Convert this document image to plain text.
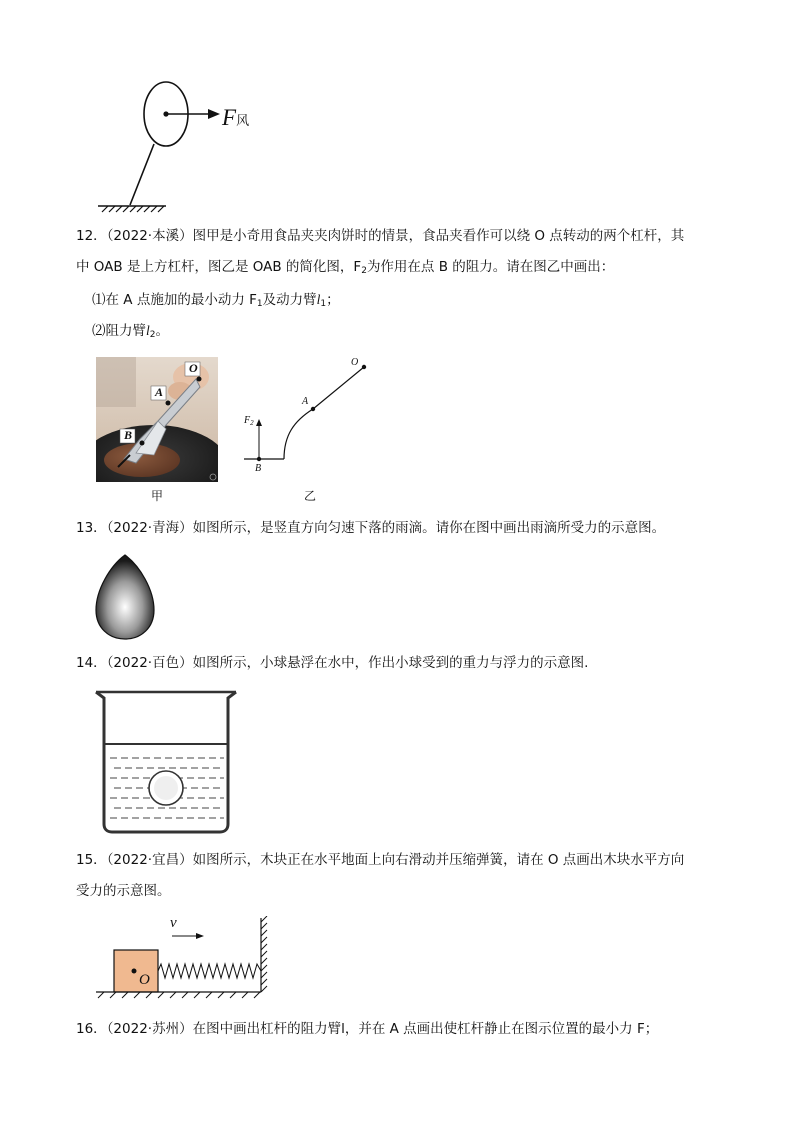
F风
12．（2022·本溪）图甲是小奇用食品夹夹肉饼时的情景，食品夹看作可以绕 O 点转动的两个杠杆，其
中 OAB 是上方杠杆，图乙是 OAB 的简化图，$F_2$为作用在点 B 的阻力。请在图乙中画出：
⑴在 A 点施加的最小动力 $F_1$及动力臂$l_1$；
⑵阻力臂$l_2$。
O
A
B
甲
O
A
B
$F_2$
乙
13．（2022·青海）如图所示，是竖直方向匀速下落的雨滴。请你在图中画出雨滴所受力的示意图。
14．（2022·百色）如图所示，小球悬浮在水中，作出小球受到的重力与浮力的示意图.
15．（2022·宜昌）如图所示，木块正在水平地面上向右滑动并压缩弹簧，请在 O 点画出木块水平方向
受力的示意图。
v
O
16．（2022·苏州）在图中画出杠杆的阻力臂l，并在 A 点画出使杠杆静止在图示位置的最小力 F；
